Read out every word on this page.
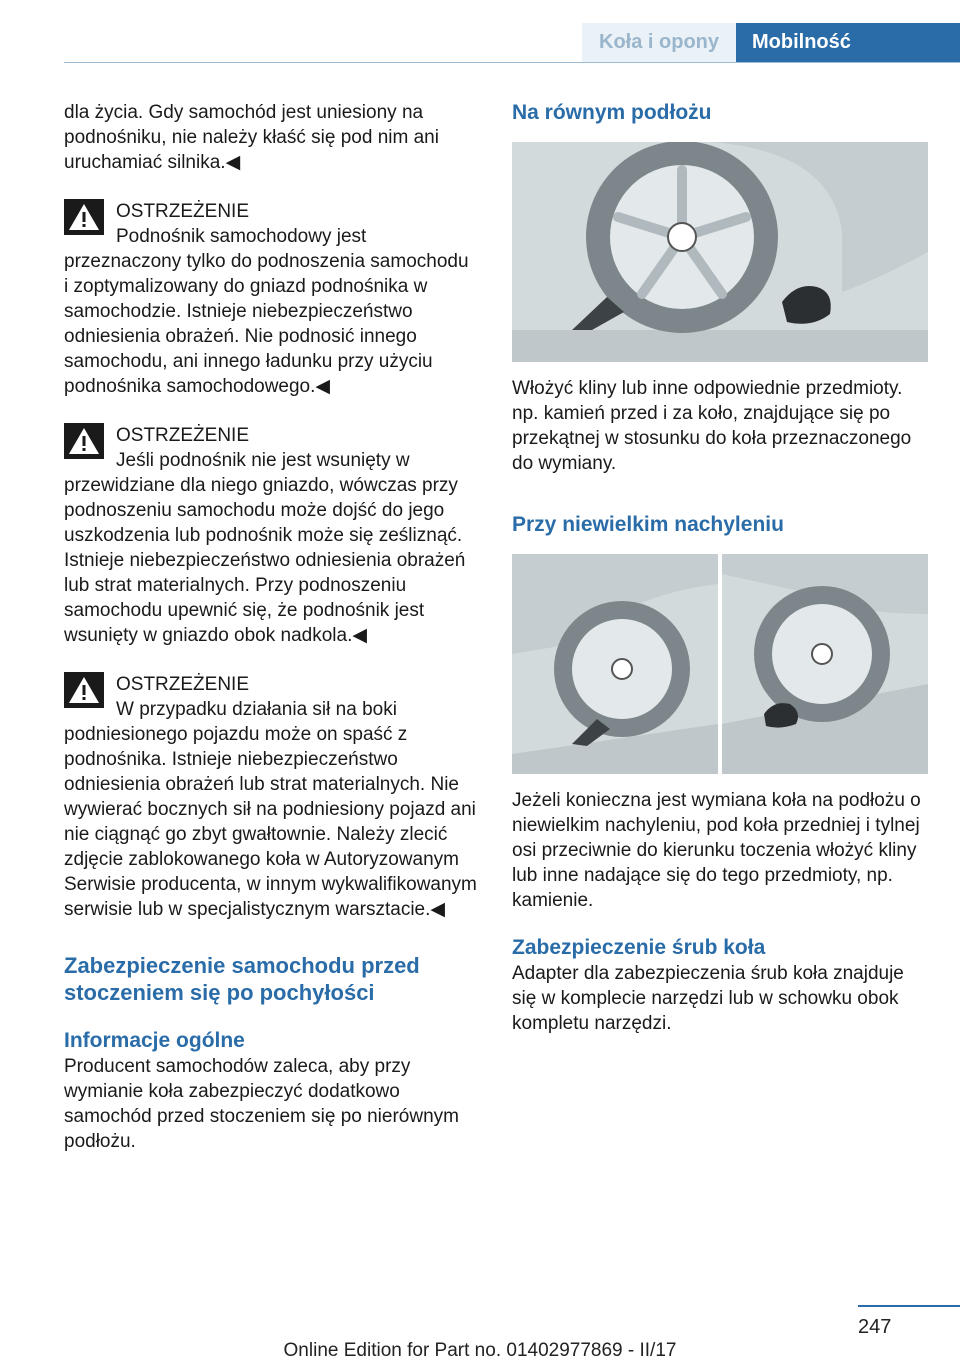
Koła i opony	Mobilność

dla życia. Gdy samochód jest uniesiony na podnośniku, nie należy kłaść się pod nim ani uruchamiać silnika.◀

OSTRZEŻENIE

Podnośnik samochodowy jest przeznaczony tylko do podnoszenia samochodu i zoptymalizowany do gniazd podnośnika w samochodzie. Istnieje niebezpieczeństwo odniesienia obrażeń. Nie podnosić innego samochodu, ani innego ładunku przy użyciu podnośnika samochodowego.◀

OSTRZEŻENIE

Jeśli podnośnik nie jest wsunięty w przewidziane dla niego gniazdo, wówczas przy podnoszeniu samochodu może dojść do jego uszkodzenia lub podnośnik może się ześliznąć. Istnieje niebezpieczeństwo odniesienia obrażeń lub strat materialnych. Przy podnoszeniu samochodu upewnić się, że podnośnik jest wsunięty w gniazdo obok nadkola.◀

OSTRZEŻENIE

W przypadku działania sił na boki podniesionego pojazdu może on spaść z podnośnika. Istnieje niebezpieczeństwo odniesienia obrażeń lub strat materialnych. Nie wywierać bocznych sił na podniesiony pojazd ani nie ciągnąć go zbyt gwałtownie. Należy zlecić zdjęcie zablokowanego koła w Autoryzowanym Serwisie producenta, w innym wykwalifikowanym serwisie lub w specjalistycznym warsztacie.◀

Zabezpieczenie samochodu przed stoczeniem się po pochyłości
Informacje ogólne

Producent samochodów zaleca, aby przy wymianie koła zabezpieczyć dodatkowo samochód przed stoczeniem się po nierównym podłożu.

Na równym podłożu

Włożyć kliny lub inne odpowiednie przedmioty. np. kamień przed i za koło, znajdujące się po przekątnej w stosunku do koła przeznaczonego do wymiany.

Przy niewielkim nachyleniu

Jeżeli konieczna jest wymiana koła na podłożu o niewielkim nachyleniu, pod koła przedniej i tylnej osi przeciwnie do kierunku toczenia włożyć kliny lub inne nadające się do tego przedmioty, np. kamienie.

Zabezpieczenie śrub koła

Adapter dla zabezpieczenia śrub koła znajduje się w komplecie narzędzi lub w schowku obok kompletu narzędzi.

247
Online Edition for Part no. 01402977869 - II/17
